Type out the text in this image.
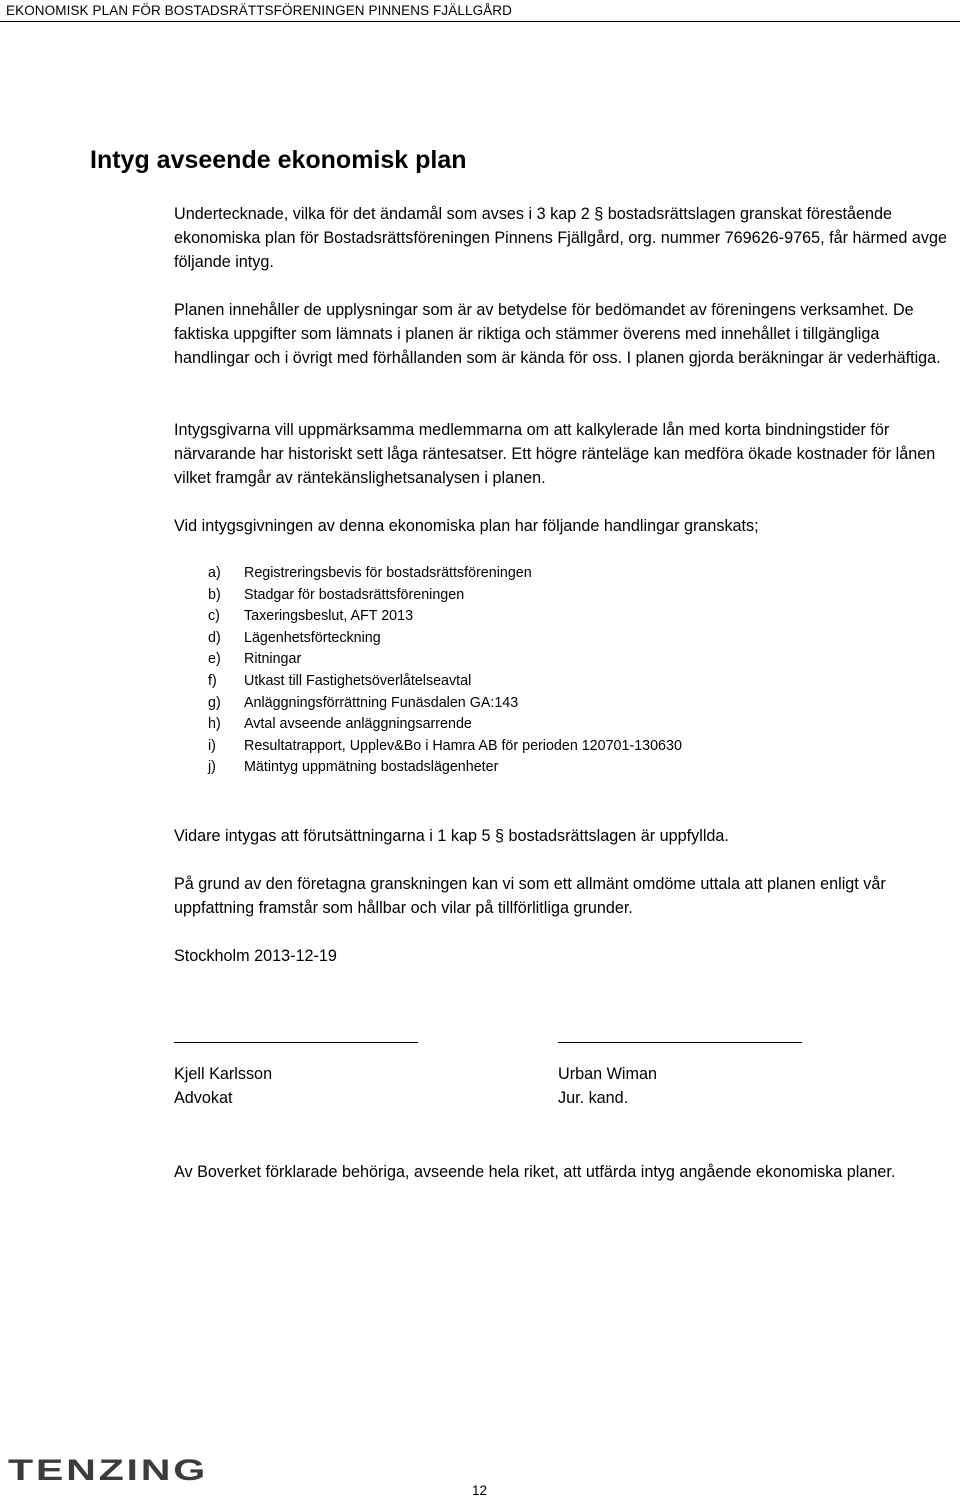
EKONOMISK PLAN FÖR BOSTADSRÄTTSFÖRENINGEN PINNENS FJÄLLGÅRD
Intyg avseende ekonomisk plan

Undertecknade, vilka för det ändamål som avses i 3 kap 2 § bostadsrättslagen granskat förestående ekonomiska plan för Bostadsrättsföreningen Pinnens Fjällgård, org. nummer 769626-9765, får härmed avge följande intyg.

Planen innehåller de upplysningar som är av betydelse för bedömandet av föreningens verksamhet. De faktiska uppgifter som lämnats i planen är riktiga och stämmer överens med innehållet i tillgängliga handlingar och i övrigt med förhållanden som är kända för oss. I planen gjorda beräkningar är vederhäftiga.

Intygsgivarna vill uppmärksamma medlemmarna om att kalkylerade lån med korta bindningstider för närvarande har historiskt sett låga räntesatser. Ett högre ränteläge kan medföra ökade kostnader för lånen vilket framgår av räntekänslighetsanalysen i planen.

Vid intygsgivningen av denna ekonomiska plan har följande handlingar granskats;

a)	Registreringsbevis för bostadsrättsföreningen
b)	Stadgar för bostadsrättsföreningen
c)	Taxeringsbeslut, AFT 2013
d)	Lägenhetsförteckning
e)	Ritningar
f)	Utkast till Fastighetsöverlåtelseavtal
g)	Anläggningsförrättning Funäsdalen GA:143
h)	Avtal avseende anläggningsarrende
i)	Resultatrapport, Upplev&Bo i Hamra AB för perioden 120701-130630
j)	Mätintyg uppmätning bostadslägenheter

Vidare intygas att förutsättningarna i 1 kap 5 § bostadsrättslagen är uppfyllda.

På grund av den företagna granskningen kan vi som ett allmänt omdöme uttala att planen enligt vår uppfattning framstår som hållbar och vilar på tillförlitliga grunder.

Stockholm 2013-12-19

Kjell Karlsson
Advokat
Urban Wiman
Jur. kand.

Av Boverket förklarade behöriga, avseende hela riket, att utfärda intyg angående ekonomiska planer.

TENZING
12
